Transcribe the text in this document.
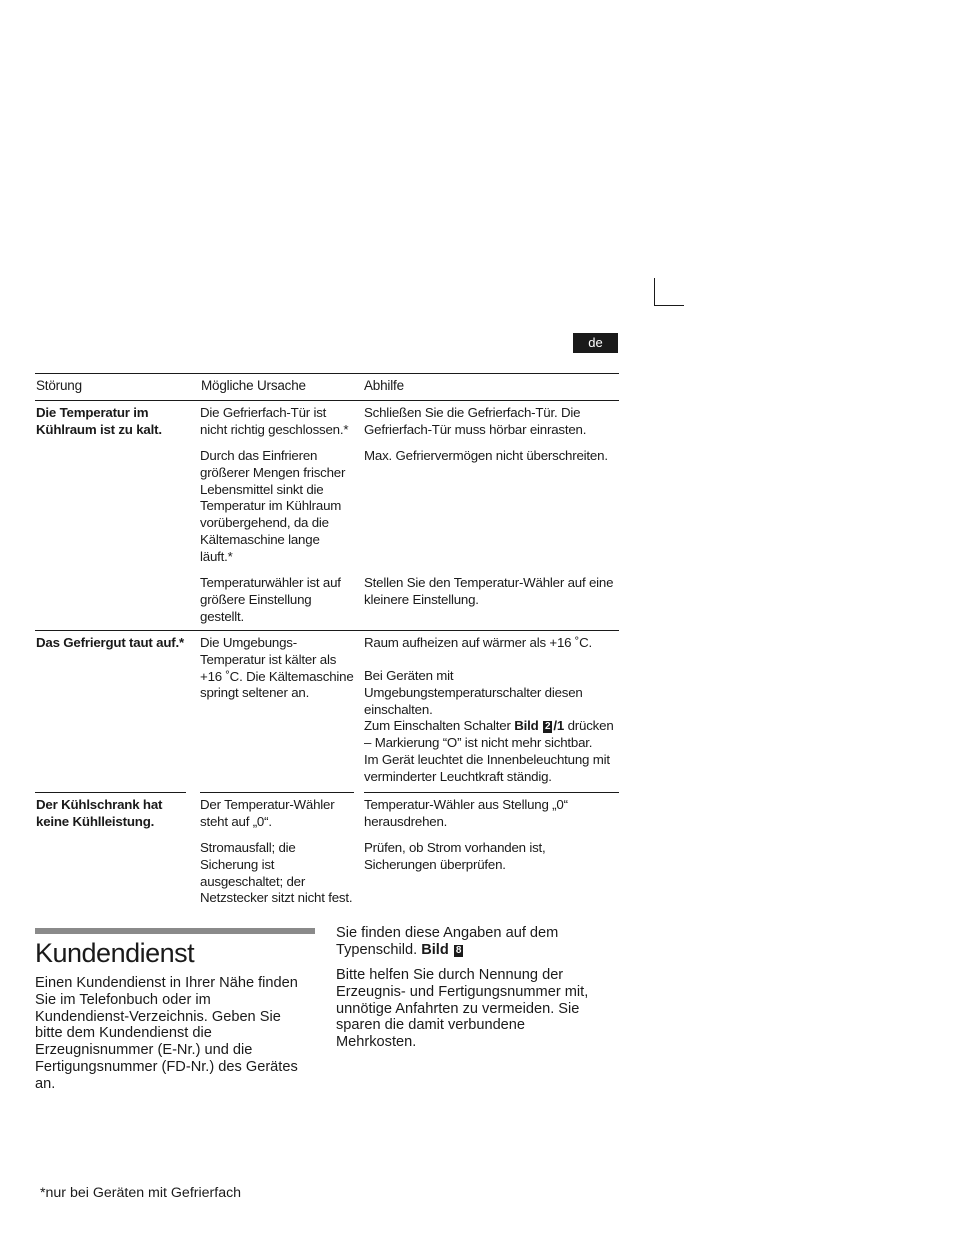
de
Störung	Mögliche Ursache	Abhilfe
Die Temperatur im
Kühlraum ist zu kalt.
Die Gefrierfach-Tür ist
nicht richtig geschlossen.*
Schließen Sie die Gefrierfach-Tür. Die
Gefrierfach-Tür muss hörbar einrasten.
Durch das Einfrieren
größerer Mengen frischer
Lebensmittel sinkt die
Temperatur im Kühlraum
vorübergehend, da die
Kältemaschine lange
läuft.*
Max. Gefriervermögen nicht überschreiten.
Temperaturwähler ist auf
größere Einstellung
gestellt.
Stellen Sie den Temperatur-Wähler auf eine
kleinere Einstellung.
Das Gefriergut taut auf.* Die Umgebungs-
Temperatur ist kälter als
+16 ˚C. Die Kältemaschine
springt seltener an.
Raum aufheizen auf wärmer als +16 ˚C.
Bei Geräten mit
Umgebungstemperaturschalter diesen
einschalten.
Zum Einschalten Schalter Bild 2 /1 drücken
– Markierung “O” ist nicht mehr sichtbar.
Im Gerät leuchtet die Innenbeleuchtung mit
verminderter Leuchtkraft ständig.
Der Kühlschrank hat
keine Kühlleistung.
Der Temperatur-Wähler
steht auf „0“.
Temperatur-Wähler aus Stellung „0“
herausdrehen.
Stromausfall; die
Sicherung ist
ausgeschaltet; der
Netzstecker sitzt nicht fest.
Prüfen, ob Strom vorhanden ist,
Sicherungen überprüfen.
Kundendienst
Einen Kundendienst in Ihrer Nähe finden
Sie im Telefonbuch oder im
Kundendienst-Verzeichnis. Geben Sie
bitte dem Kundendienst die
Erzeugnisnummer (E-Nr.) und die
Fertigungsnummer (FD-Nr.) des Gerätes
an.
Sie finden diese Angaben auf dem
Typenschild. Bild 8
Bitte helfen Sie durch Nennung der
Erzeugnis- und Fertigungsnummer mit,
unnötige Anfahrten zu vermeiden. Sie
sparen die damit verbundene
Mehrkosten.
*nur bei Geräten mit Gefrierfach
